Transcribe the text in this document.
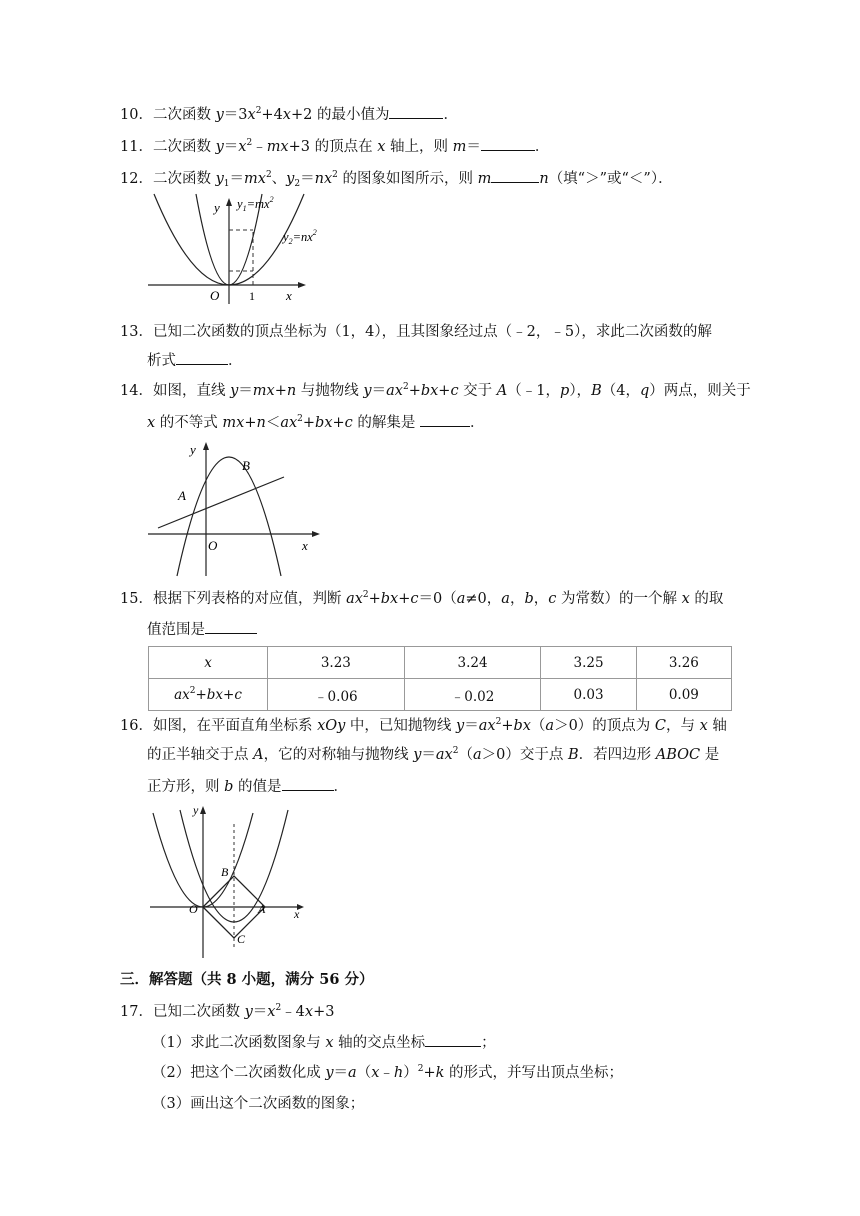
10．二次函数 $y=3x^2+4x+2$ 的最小值为	．
11．二次函数 $y=x^2﹣mx+3$ 的顶点在 x 轴上，则 m＝	．
12．二次函数 $y_1=mx^2$、$y_2=nx^2$ 的图象如图所示，则 m	n（填“＞”或“＜”）．
y $y_1=mx^2$
$y_2=nx^2$
O 1 x
13．已知二次函数的顶点坐标为（1，4），且其图象经过点（﹣2，﹣5），求此二次函数的解
析式	．
14．如图，直线 y＝mx+n 与抛物线 $y=ax^2+bx+c$ 交于 A（﹣1，p），B（4，q）两点，则关于
x 的不等式 $mx+n<ax^2+bx+c$ 的解集是	．
y
B
A
O	x
15．根据下列表格的对应值，判断 $ax^2+bx+c=0(a\ne 0$，a，b，c 为常数）的一个解 x 的取
值范围是
x	3.23	3.24	3.25	3.26
$ax^2+bx+c$	﹣0.06	﹣0.02	0.03	0.09
16．如图，在平面直角坐标系 xOy 中，已知抛物线 $y=ax^2+bx(a>0)$的顶点为 C，与 x 轴
的正半轴交于点 A，它的对称轴与抛物线 $y=ax^2(a>0)$交于点 B．若四边形 ABOC 是
正方形，则 b 的值是	．
y
B
O	A
C
x
三．解答题（共 8 小题，满分 56 分）
17．已知二次函数 $y=x^2﹣4x+3$
（1）求此二次函数图象与 x 轴的交点坐标	；
（2）把这个二次函数化成 y＝a（x﹣h）$^2$+k 的形式，并写出顶点坐标；
（3）画出这个二次函数的图象；
